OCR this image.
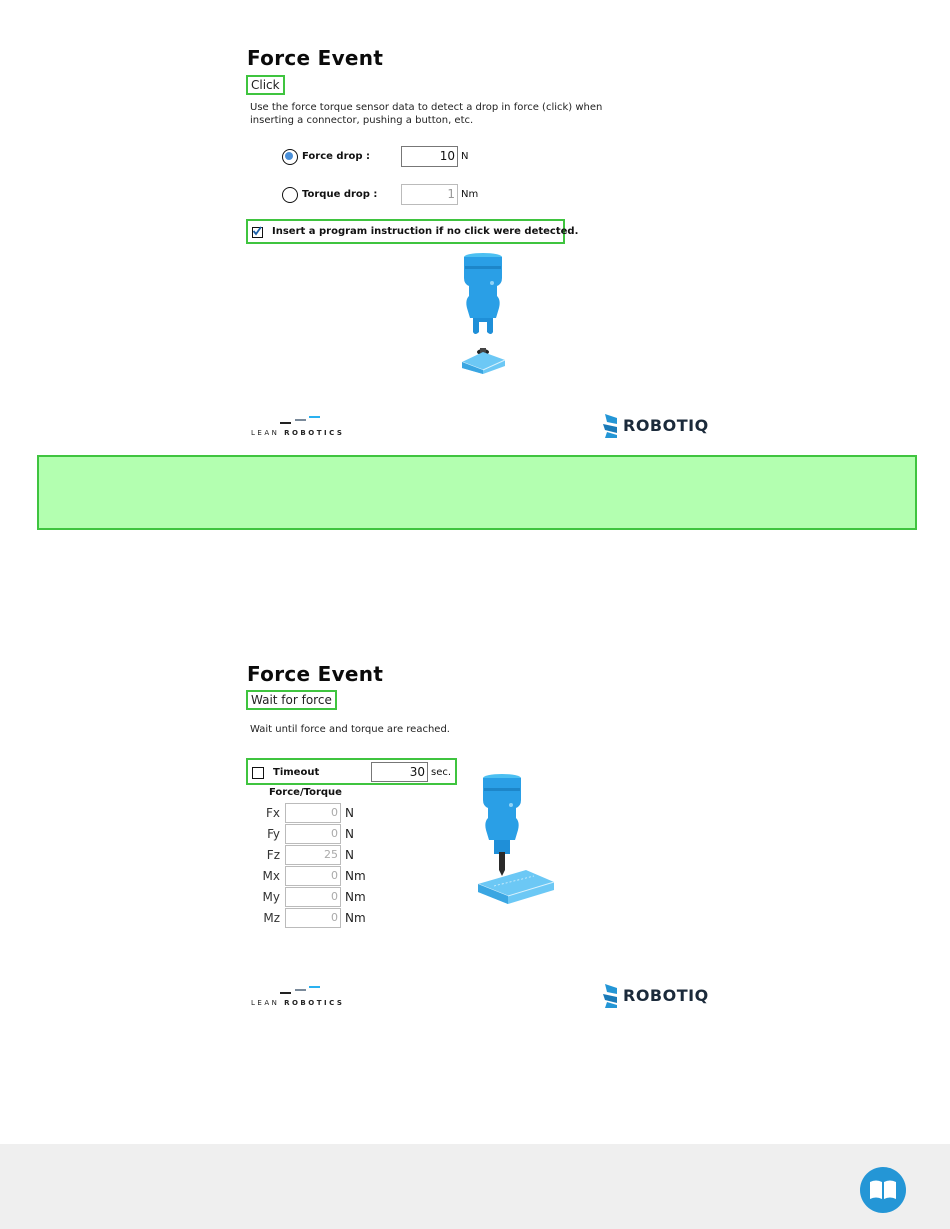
Force Event
Click
Use the force torque sensor data to detect a drop in force (click) when
inserting a connector, pushing a button, etc.
Force drop :	10 N
Torque drop :	1 Nm
Insert a program instruction if no click were detected.
LEAN ROBOTICS	ROBOTIQ
Force Event
Wait for force
Wait until force and torque are reached.
Timeout	30 sec.
Force/Torque
Fx	0 N
Fy	0 N
Fz	25 N
Mx	0 Nm
My	0 Nm
Mz	0 Nm
LEAN ROBOTICS	ROBOTIQ
